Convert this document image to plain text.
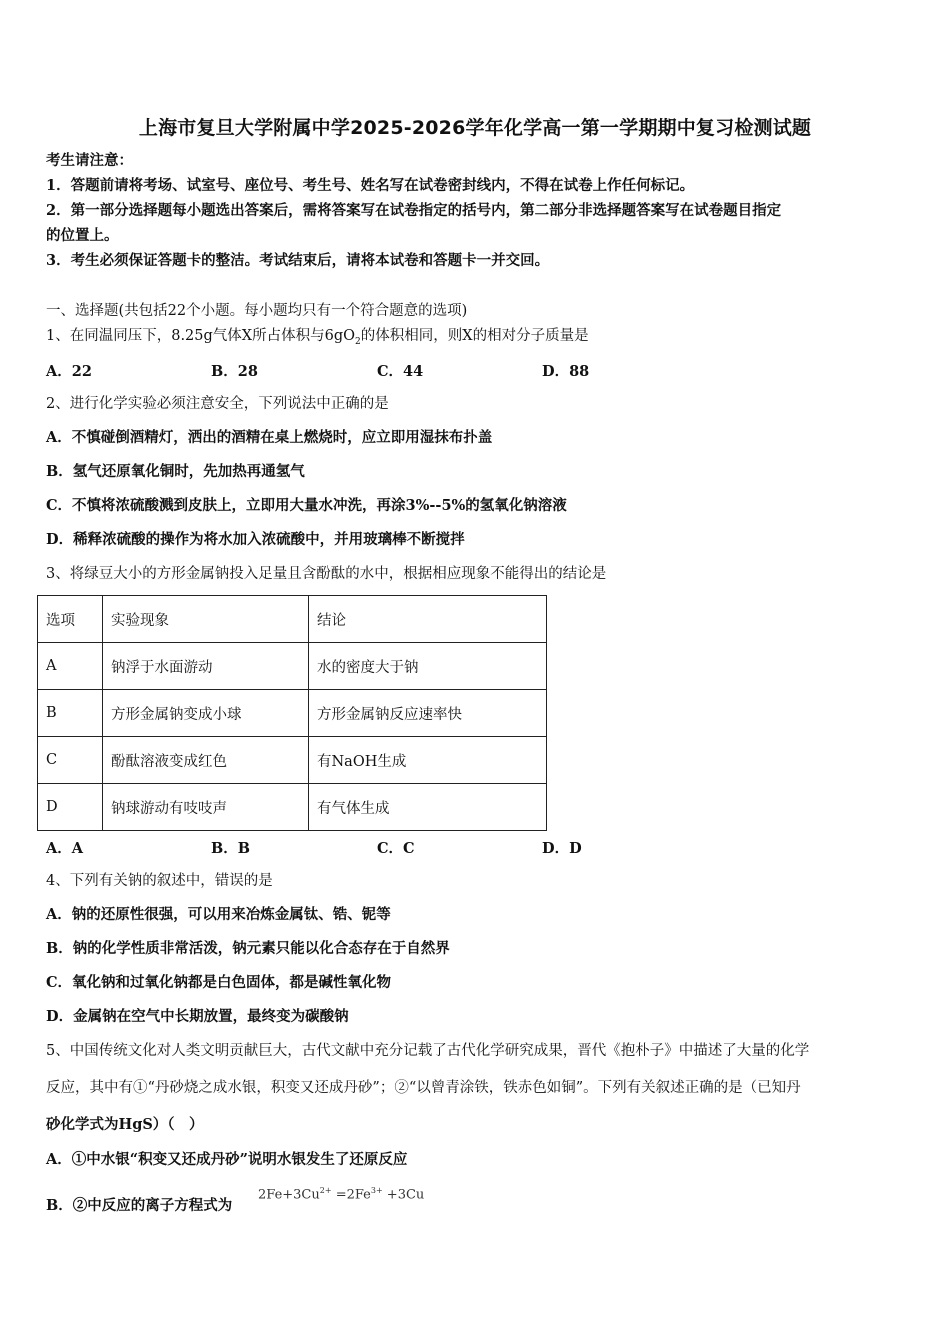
上海市复旦大学附属中学2025-2026学年化学高一第一学期期中复习检测试题
考生请注意：
1．答题前请将考场、试室号、座位号、考生号、姓名写在试卷密封线内，不得在试卷上作任何标记。
2．第一部分选择题每小题选出答案后，需将答案写在试卷指定的括号内，第二部分非选择题答案写在试卷题目指定
的位置上。
3．考生必须保证答题卡的整洁。考试结束后，请将本试卷和答题卡一并交回。
一、选择题(共包括22个小题。每小题均只有一个符合题意的选项)
1、在同温同压下，8.25g气体X所占体积与$6gO_2$的体积相同，则X的相对分子质量是
A．22	B．28	C．44	D．88
2、进行化学实验必须注意安全，下列说法中正确的是
A．不慎碰倒酒精灯，洒出的酒精在桌上燃烧时，应立即用湿抹布扑盖
B．氢气还原氧化铜时，先加热再通氢气
C．不慎将浓硫酸溅到皮肤上，立即用大量水冲洗，再涂3%--5%的氢氧化钠溶液
D．稀释浓硫酸的操作为将水加入浓硫酸中，并用玻璃棒不断搅拌
3、将绿豆大小的方形金属钠投入足量且含酚酞的水中，根据相应现象不能得出的结论是
选项	实验现象	结论
A	钠浮于水面游动	水的密度大于钠
B	方形金属钠变成小球	方形金属钠反应速率快
C	酚酞溶液变成红色	有NaOH生成
D	钠球游动有吱吱声	有气体生成
A．A	C．C
B．B	D．D
4、下列有关钠的叙述中，错误的是
A．钠的还原性很强，可以用来冶炼金属钛、锆、铌等
B．钠的化学性质非常活泼，钠元素只能以化合态存在于自然界
C．氧化钠和过氧化钠都是白色固体，都是碱性氧化物
D．金属钠在空气中长期放置，最终变为碳酸钠
5、中国传统文化对人类文明贡献巨大，古代文献中充分记载了古代化学研究成果，晋代《抱朴子》中描述了大量的化学
反应，其中有①“丹砂烧之成水银，积变又还成丹砂”；②“以曾青涂铁，铁赤色如铜”。下列有关叙述正确的是（已知丹
砂化学式为HgS）（　）
A．①中水银“积变又还成丹砂”说明水银发生了还原反应
B．②中反应的离子方程式为
$2Fe+3Cu^{2+} =2Fe^{3+} +3Cu$
